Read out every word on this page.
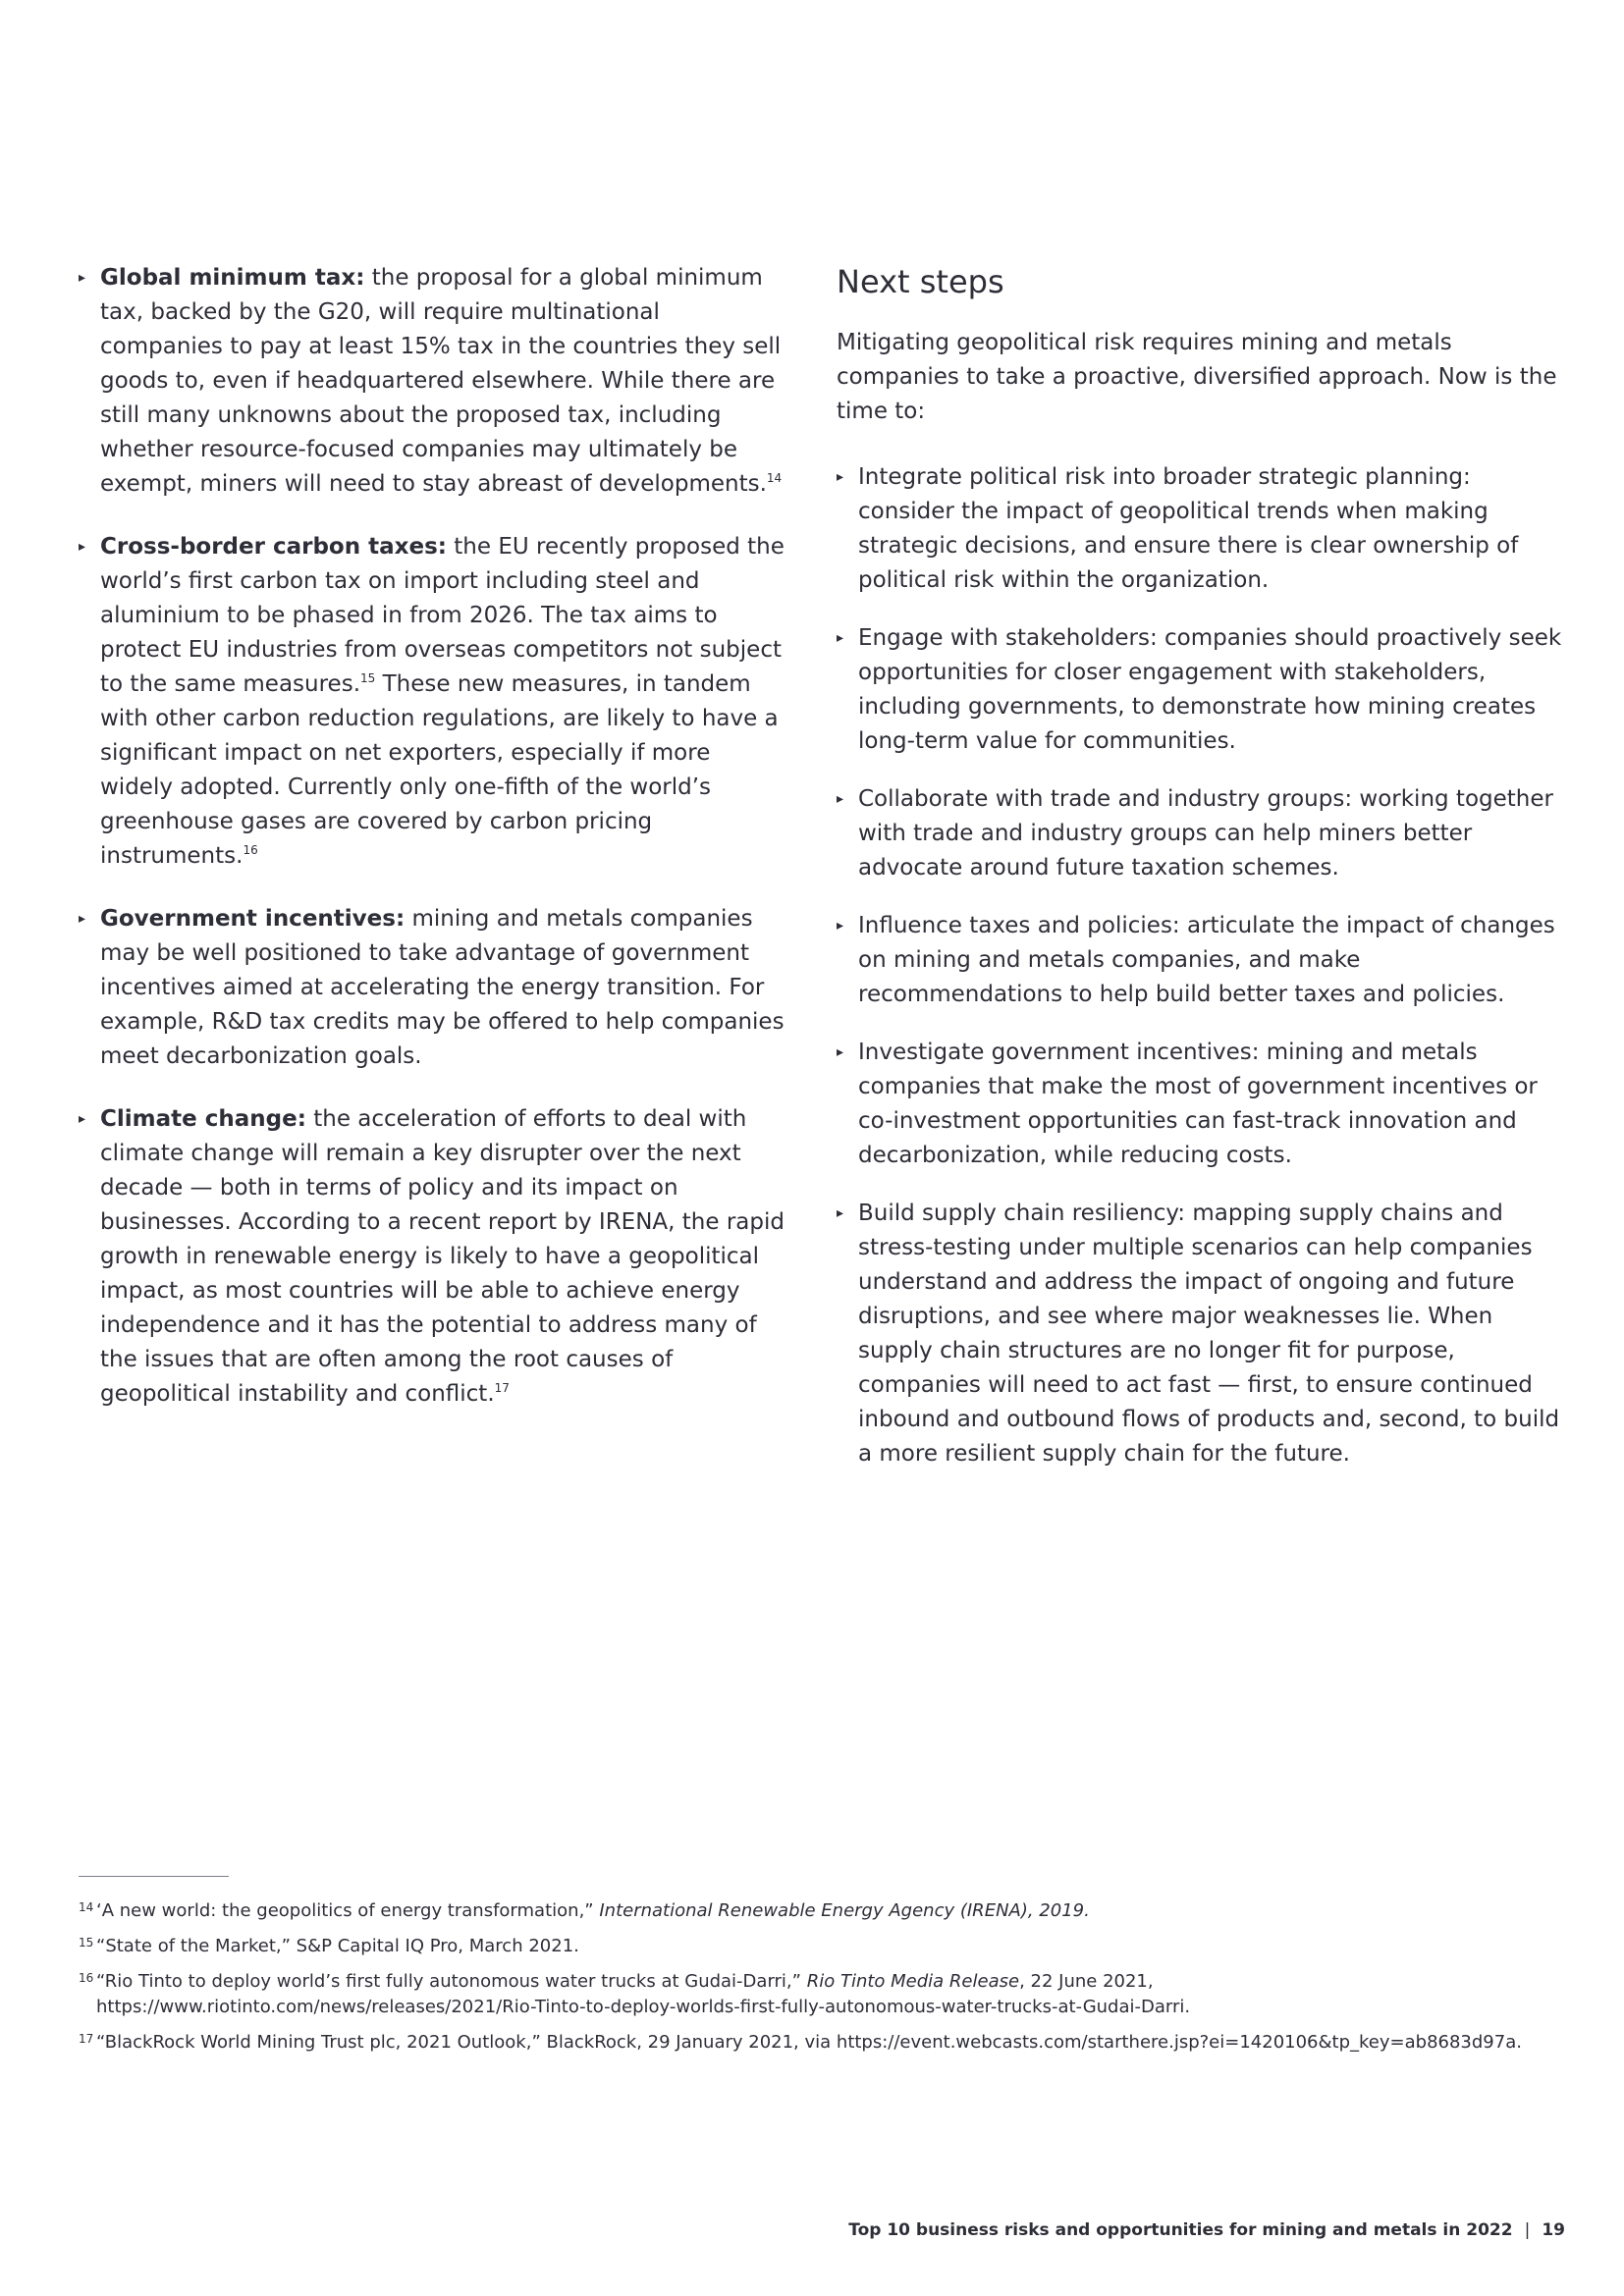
▸ Global minimum tax: the proposal for a global minimum tax, backed by the G20, will require multinational companies to pay at least 15% tax in the countries they sell goods to, even if headquartered elsewhere. While there are still many unknowns about the proposed tax, including whether resource-focused companies may ultimately be exempt, miners will need to stay abreast of developments.$^{14}$
▸ Cross-border carbon taxes: the EU recently proposed the world’s first carbon tax on import including steel and aluminium to be phased in from 2026. The tax aims to protect EU industries from overseas competitors not subject to the same measures.$^{15}$ These new measures, in tandem with other carbon reduction regulations, are likely to have a significant impact on net exporters, especially if more widely adopted. Currently only one-fifth of the world’s greenhouse gases are covered by carbon pricing instruments.$^{16}$
▸ Government incentives: mining and metals companies may be well positioned to take advantage of government incentives aimed at accelerating the energy transition. For example, R&D tax credits may be offered to help companies meet decarbonization goals.
▸ Climate change: the acceleration of efforts to deal with climate change will remain a key disrupter over the next decade — both in terms of policy and its impact on businesses. According to a recent report by IRENA, the rapid growth in renewable energy is likely to have a geopolitical impact, as most countries will be able to achieve energy independence and it has the potential to address many of the issues that are often among the root causes of geopolitical instability and conflict.$^{17}$
Next steps

Mitigating geopolitical risk requires mining and metals companies to take a proactive, diversified approach. Now is the time to:

▸ Integrate political risk into broader strategic planning: consider the impact of geopolitical trends when making strategic decisions, and ensure there is clear ownership of political risk within the organization.
▸ Engage with stakeholders: companies should proactively seek opportunities for closer engagement with stakeholders, including governments, to demonstrate how mining creates long-term value for communities.
▸ Collaborate with trade and industry groups: working together with trade and industry groups can help miners better advocate around future taxation schemes.
▸ Influence taxes and policies: articulate the impact of changes on mining and metals companies, and make recommendations to help build better taxes and policies.
▸ Investigate government incentives: mining and metals companies that make the most of government incentives or co-investment opportunities can fast-track innovation and decarbonization, while reducing costs.
▸ Build supply chain resiliency: mapping supply chains and stress-testing under multiple scenarios can help companies understand and address the impact of ongoing and future disruptions, and see where major weaknesses lie. When supply chain structures are no longer fit for purpose, companies will need to act fast — first, to ensure continued inbound and outbound flows of products and, second, to build a more resilient supply chain for the future.
14 ‘A new world: the geopolitics of energy transformation,” International Renewable Energy Agency (IRENA), 2019.
15 “State of the Market,” S&P Capital IQ Pro, March 2021.
16 “Rio Tinto to deploy world’s first fully autonomous water trucks at Gudai-Darri,” Rio Tinto Media Release, 22 June 2021, https://www.riotinto.com/news/releases/2021/Rio-Tinto-to-deploy-worlds-first-fully-autonomous-water-trucks-at-Gudai-Darri.
17 “BlackRock World Mining Trust plc, 2021 Outlook,” BlackRock, 29 January 2021, via https://event.webcasts.com/starthere.jsp?ei=1420106&tp_key=ab8683d97a.
Top 10 business risks and opportunities for mining and metals in 2022 | 19
